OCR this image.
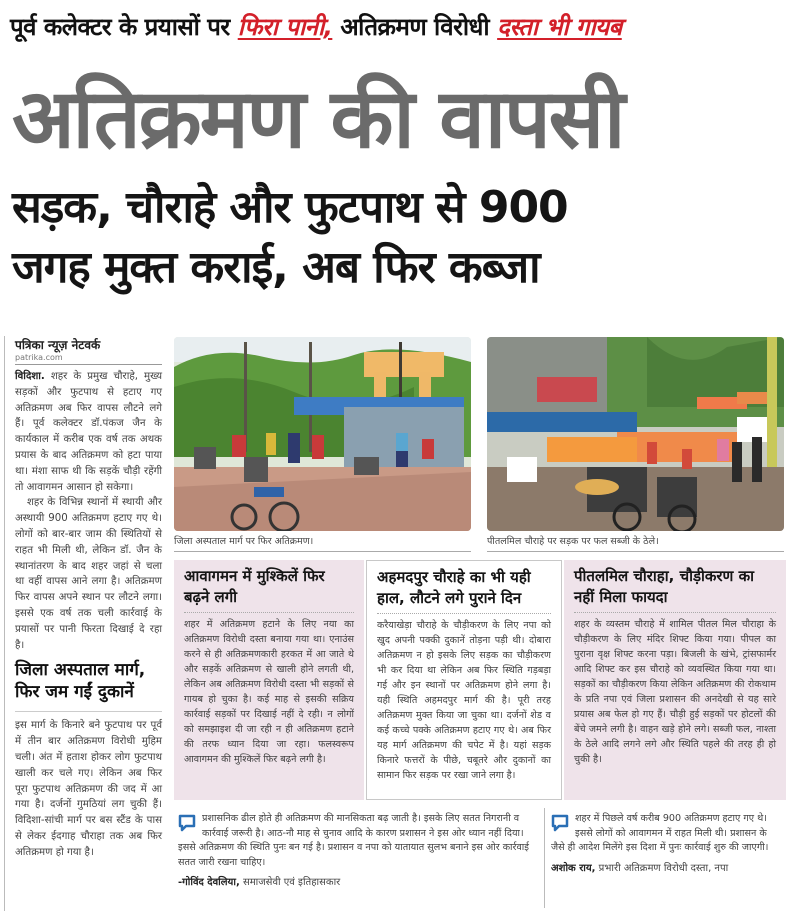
पूर्व कलेक्टर के प्रयासों पर फिरा पानी, अतिक्रमण विरोधी दस्ता भी गायब
अतिक्रमण की वापसी
सड़क, चौराहे और फुटपाथ से 900
जगह मुक्त कराई, अब फिर कब्जा
पत्रिका न्यूज़ नेटवर्क
patrika.com

विदिशा. शहर के प्रमुख चौराहे, मुख्य सड़कों और फुटपाथ से हटाए गए अतिक्रमण अब फिर वापस लौटने लगे हैं। पूर्व कलेक्टर डॉ.पंकज जैन के कार्यकाल में करीब एक वर्ष तक अथक प्रयास के बाद अतिक्रमण को हटा पाया था। मंशा साफ थी कि सड़कें चौड़ी रहेंगी तो आवागमन आसान हो सकेगा।

शहर के विभिन्न स्थानों में स्थायी और अस्थायी 900 अतिक्रमण हटाए गए थे। लोगों को बार-बार जाम की स्थितियों से राहत भी मिली थी, लेकिन डॉ. जैन के स्थानांतरण के बाद शहर जहां से चला था वहीं वापस आने लगा है। अतिक्रमण फिर वापस अपने स्थान पर लौटने लगा। इससे एक वर्ष तक चली कार्रवाई के प्रयासों पर पानी फिरता दिखाई दे रहा है।

जिला अस्पताल मार्ग, फिर जम गईं दुकानें

इस मार्ग के किनारे बने फुटपाथ पर पूर्व में तीन बार अतिक्रमण विरोधी मुहिम चली। अंत में हताश होकर लोग फुटपाथ खाली कर चले गए। लेकिन अब फिर पूरा फुटपाथ अतिक्रमण की जद में आ गया है। दर्जनों गुमठियां लग चुकी हैं। विदिशा-सांची मार्ग पर बस स्टैंड के पास से लेकर ईदगाह चौराहा तक अब फिर अतिक्रमण हो गया है।

जिला अस्पताल मार्ग पर फिर अतिक्रमण।	पीतलमिल चौराहे पर सड़क पर फल सब्जी के ठेले।
आवागमन में मुश्किलें फिर बढ़ने लगी
शहर में अतिक्रमण हटाने के लिए नया का अतिक्रमण विरोधी दस्ता बनाया गया था। एनाउंस करने से ही अतिक्रमणकारी हरकत में आ जाते थे और सड़कें अतिक्रमण से खाली होने लगती थी, लेकिन अब अतिक्रमण विरोधी दस्ता भी सड़कों से गायब हो चुका है। कई माह से इसकी सक्रिय कार्रवाई सड़कों पर दिखाई नहीं दे रही। न लोगों को समझाइश दी जा रही न ही अतिक्रमण हटाने की तरफ ध्यान दिया जा रहा। फलस्वरूप आवागमन की मुश्किलें फिर बढ़ने लगी है।
अहमदपुर चौराहे का भी यही हाल, लौटने लगे पुराने दिन
करैयाखेड़ा चौराहे के चौड़ीकरण के लिए नपा को खुद अपनी पक्की दुकानें तोड़ना पड़ी थी। दोबारा अतिक्रमण न हो इसके लिए सड़क का चौड़ीकरण भी कर दिया था लेकिन अब फिर स्थिति गड़बड़ा गई और इन स्थानों पर अतिक्रमण होने लगा है। यही स्थिति अहमदपुर मार्ग की है। पूरी तरह अतिक्रमण मुक्त किया जा चुका था। दर्जनों शेड व कई कच्चे पक्के अतिक्रमण हटाए गए थे। अब फिर यह मार्ग अतिक्रमण की चपेट में है। यहां सड़क किनारे फत्तरों के पीछे, चबूतरे और दुकानों का सामान फिर सड़क पर रखा जाने लगा है।
पीतलमिल चौराहा, चौड़ीकरण का नहीं मिला फायदा
शहर के व्यस्तम चौराहे में शामिल पीतल मिल चौराहा के चौड़ीकरण के लिए मंदिर शिफ्ट किया गया। पीपल का पुराना वृक्ष शिफ्ट करना पड़ा। बिजली के खंभे, ट्रांसफार्मर आदि शिफ्ट कर इस चौराहे को व्यवस्थित किया गया था। सड़कों का चौड़ीकरण किया लेकिन अतिक्रमण की रोकथाम के प्रति नपा एवं जिला प्रशासन की अनदेखी से यह सारे प्रयास अब फेल हो गए हैं। चौड़ी हुई सड़कों पर होटलों की बेंचे जमने लगी है। वाहन खड़े होने लगे। सब्जी फल, नाश्ता के ठेले आदि लगने लगे और स्थिति पहले की तरह ही हो चुकी है।
प्रशासनिक ढील होते ही अतिक्रमण की मानसिकता बढ़ जाती है। इसके लिए सतत निगरानी व कार्रवाई जरूरी है। आठ-नौ माह से चुनाव आदि के कारण प्रशासन ने इस ओर ध्यान नहीं दिया। इससे अतिक्रमण की स्थिति पुनः बन गई है। प्रशासन व नपा को यातायात सुलभ बनाने इस ओर कार्रवाई सतत जारी रखना चाहिए।
-गोविंद देवलिया, समाजसेवी एवं इतिहासकार
शहर में पिछले वर्ष करीब 900 अतिक्रमण हटाए गए थे। इससे लोगों को आवागमन में राहत मिली थी। प्रशासन के जैसे ही आदेश मिलेंगे इस दिशा में पुनः कार्रवाई शुरु की जाएगी।
अशोक राय, प्रभारी अतिक्रमण विरोधी दस्ता, नपा
